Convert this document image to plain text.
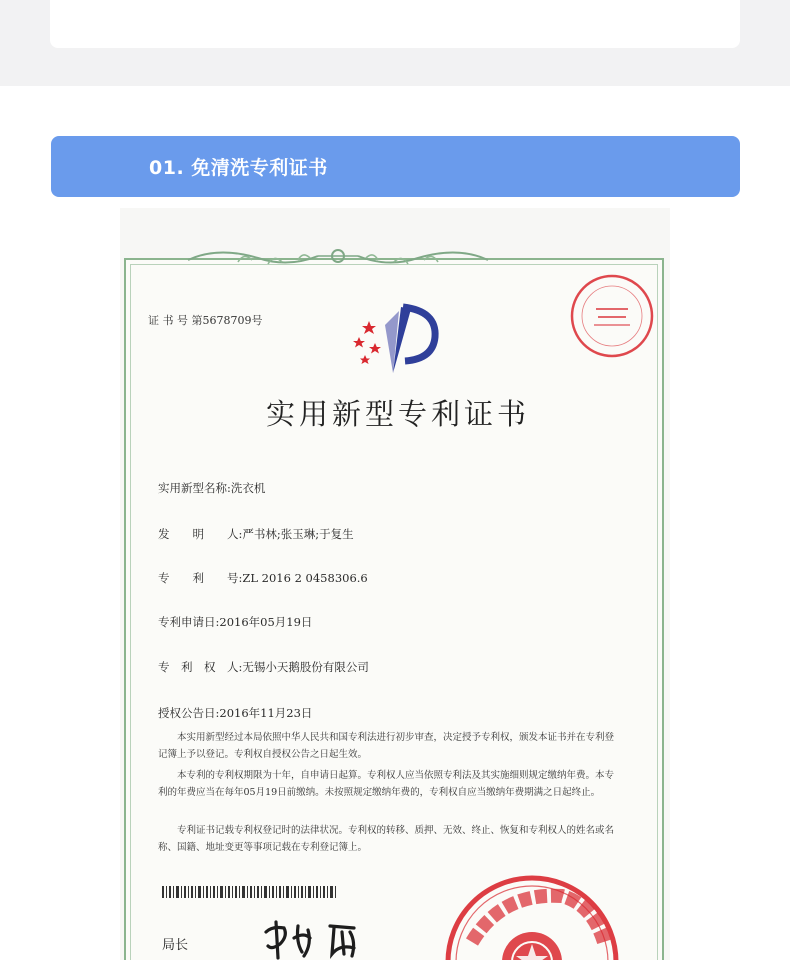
01. 免清洗专利证书
证 书 号 第5678709号
实用新型专利证书
实用新型名称:洗衣机
发　　明　　人:严书林;张玉琳;于复生
专　　利　　号:ZL 2016 2 0458306.6
专利申请日:2016年05月19日
专　利　权　人:无锡小天鹅股份有限公司
授权公告日:2016年11月23日

本实用新型经过本局依照中华人民共和国专利法进行初步审查，决定授予专利权，颁发本证书并在专利登记簿上予以登记。专利权自授权公告之日起生效。

本专利的专利权期限为十年，自申请日起算。专利权人应当依照专利法及其实施细则规定缴纳年费。本专利的年费应当在每年05月19日前缴纳。未按照规定缴纳年费的，专利权自应当缴纳年费期满之日起终止。

专利证书记载专利权登记时的法律状况。专利权的转移、质押、无效、终止、恢复和专利权人的姓名或名称、国籍、地址变更等事项记载在专利登记簿上。

局长
